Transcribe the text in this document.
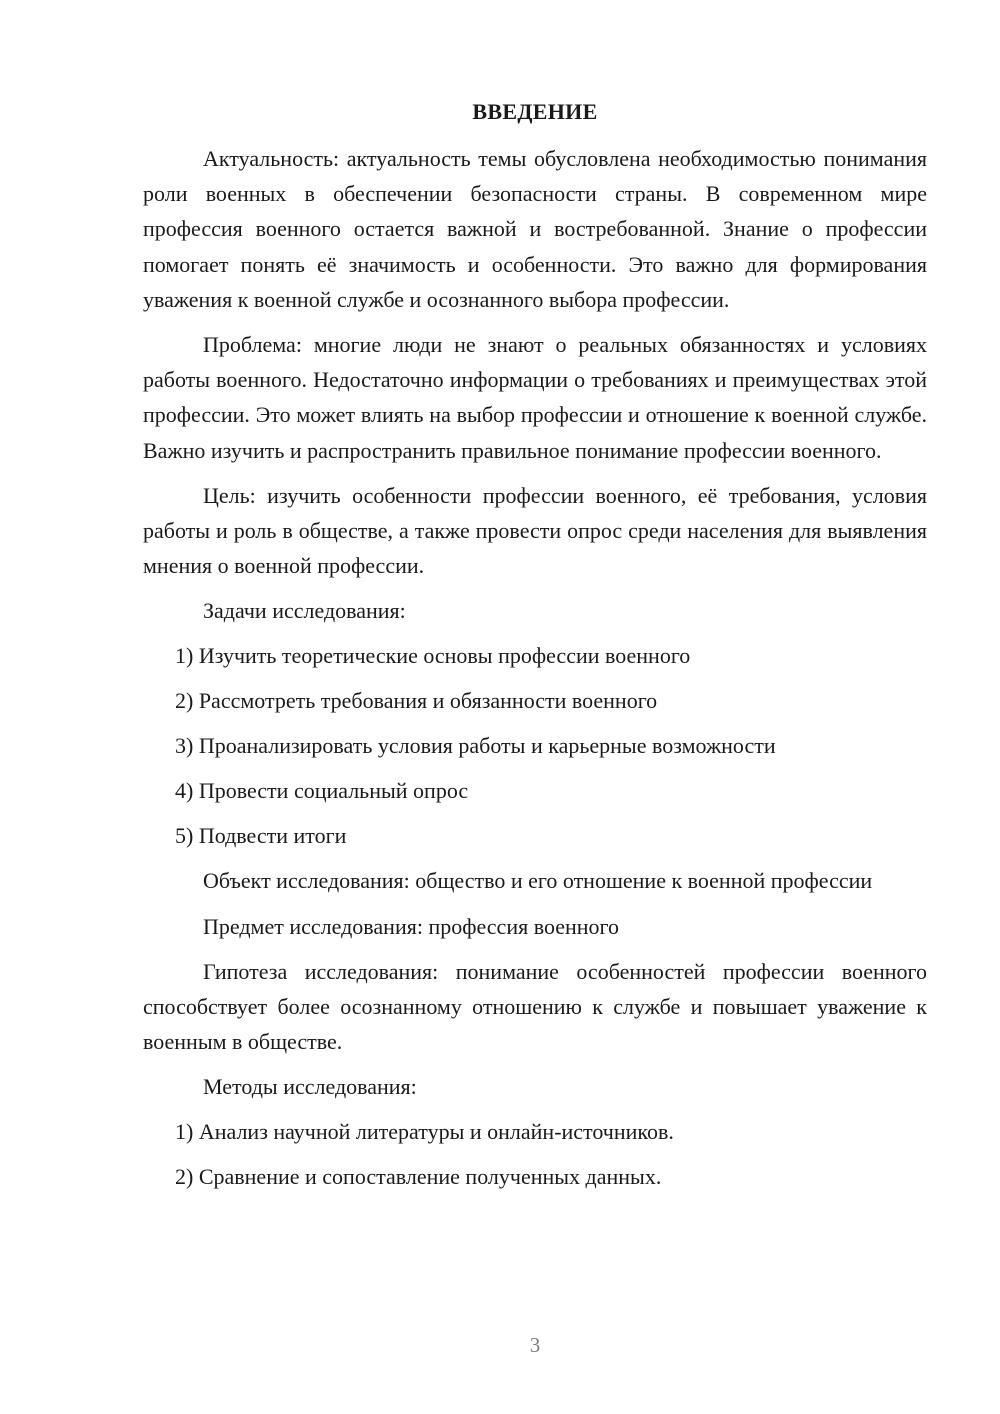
ВВЕДЕНИЕ

Актуальность: актуальность темы обусловлена необходимостью понимания роли военных в обеспечении безопасности страны. В современном мире профессия военного остается важной и востребованной. Знание о профессии помогает понять её значимость и особенности. Это важно для формирования уважения к военной службе и осознанного выбора профессии.

Проблема: многие люди не знают о реальных обязанностях и условиях работы военного. Недостаточно информации о требованиях и преимуществах этой профессии. Это может влиять на выбор профессии и отношение к военной службе. Важно изучить и распространить правильное понимание профессии военного.

Цель: изучить особенности профессии военного, её требования, условия работы и роль в обществе, а также провести опрос среди населения для выявления мнения о военной профессии.

Задачи исследования:

1) Изучить теоретические основы профессии военного
2) Рассмотреть требования и обязанности военного
3) Проанализировать условия работы и карьерные возможности
4) Провести социальный опрос
5) Подвести итоги

Объект исследования: общество и его отношение к военной профессии

Предмет исследования: профессия военного

Гипотеза исследования: понимание особенностей профессии военного способствует более осознанному отношению к службе и повышает уважение к военным в обществе.

Методы исследования:

1) Анализ научной литературы и онлайн-источников.
2) Сравнение и сопоставление полученных данных.
3
